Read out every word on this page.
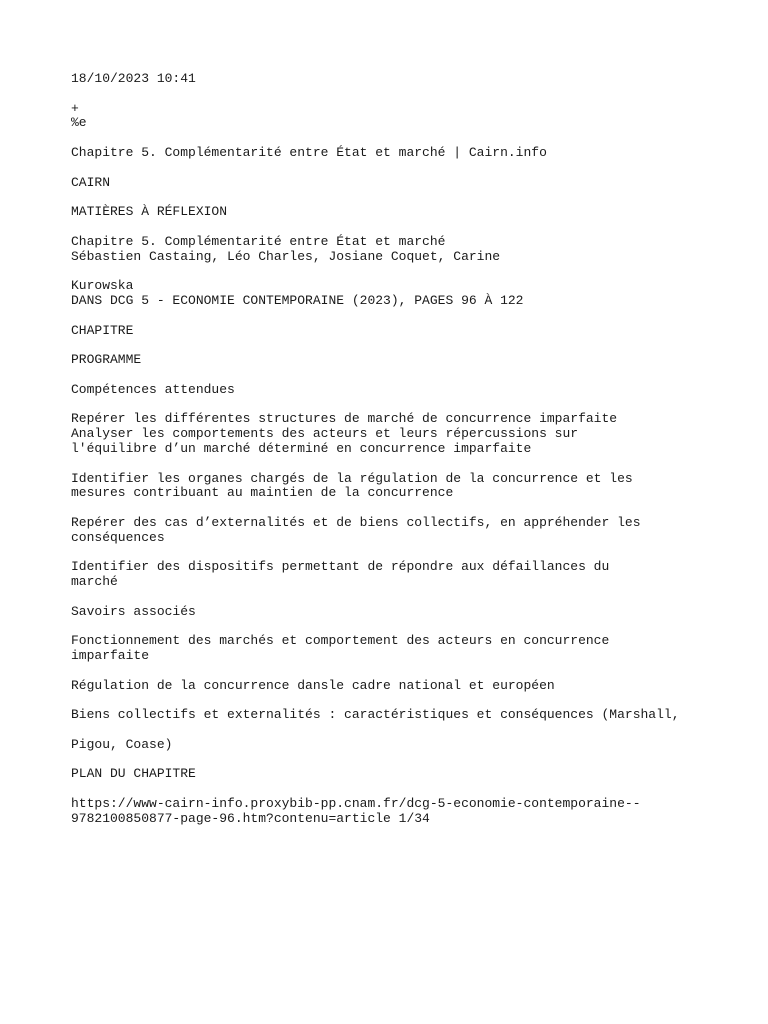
18/10/2023 10:41
+
%e
Chapitre 5. Complémentarité entre État et marché | Cairn.info
CAIRN
MATIÈRES À RÉFLEXION
Chapitre 5. Complémentarité entre État et marché
Sébastien Castaing, Léo Charles, Josiane Coquet, Carine
Kurowska
DANS DCG 5 - ECONOMIE CONTEMPORAINE (2023), PAGES 96 À 122
CHAPITRE
PROGRAMME
Compétences attendues
Repérer les différentes structures de marché de concurrence imparfaite
Analyser les comportements des acteurs et leurs répercussions sur
l'équilibre d’un marché déterminé en concurrence imparfaite
Identifier les organes chargés de la régulation de la concurrence et les
mesures contribuant au maintien de la concurrence
Repérer des cas d’externalités et de biens collectifs, en appréhender les
conséquences
Identifier des dispositifs permettant de répondre aux défaillances du
marché
Savoirs associés
Fonctionnement des marchés et comportement des acteurs en concurrence
imparfaite
Régulation de la concurrence dansle cadre national et européen
Biens collectifs et externalités : caractéristiques et conséquences (Marshall,
Pigou, Coase)
PLAN DU CHAPITRE
https://www-cairn-info.proxybib-pp.cnam.fr/dcg-5-economie-contemporaine--
9782100850877-page-96.htm?contenu=article 1/34
